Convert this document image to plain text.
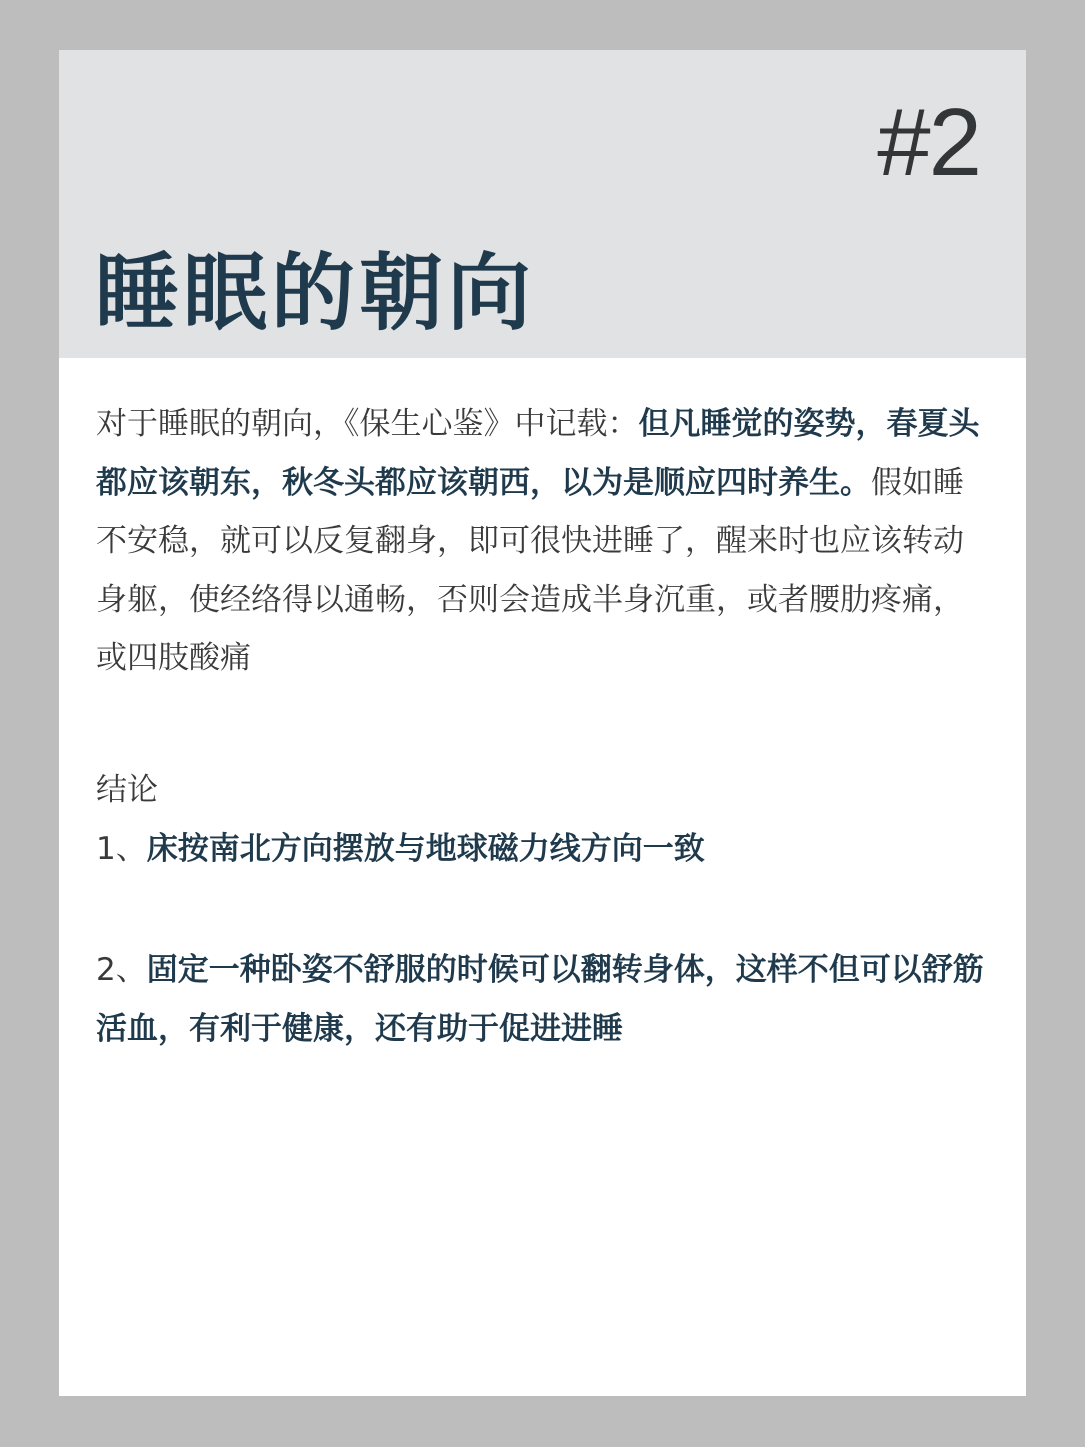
#2
睡眠的朝向

对于睡眠的朝向，《保生心鉴》中记载：但凡睡觉的姿势，春夏头都应该朝东，秋冬头都应该朝西，以为是顺应四时养生。假如睡不安稳，就可以反复翻身，即可很快进睡了，醒来时也应该转动身躯，使经络得以通畅，否则会造成半身沉重，或者腰肋疼痛，或四肢酸痛

结论

1、床按南北方向摆放与地球磁力线方向一致

2、固定一种卧姿不舒服的时候可以翻转身体，这样不但可以舒筋活血，有利于健康，还有助于促进进睡
